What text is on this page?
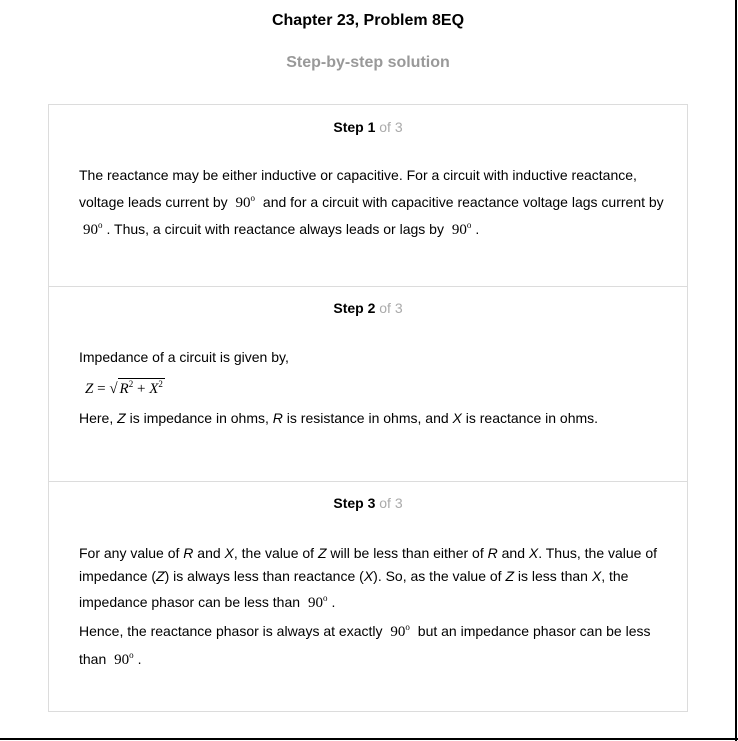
Chapter 23, Problem 8EQ
Step-by-step solution
Step 1 of 3
The reactance may be either inductive or capacitive. For a circuit with inductive reactance, voltage leads current by 90$^o$ and for a circuit with capacitive reactance voltage lags current by 90$^o$ . Thus, a circuit with reactance always leads or lags by 90$^o$ .
Step 2 of 3
Impedance of a circuit is given by,
Z = √ $R^2 + X^2$
Here, Z is impedance in ohms, R is resistance in ohms, and X is reactance in ohms.
Step 3 of 3
For any value of R and X, the value of Z will be less than either of R and X. Thus, the value of impedance (Z) is always less than reactance (X). So, as the value of Z is less than X, the impedance phasor can be less than 90$^o$ .
Hence, the reactance phasor is always at exactly 90$^o$ but an impedance phasor can be less than 90$^o$ .
